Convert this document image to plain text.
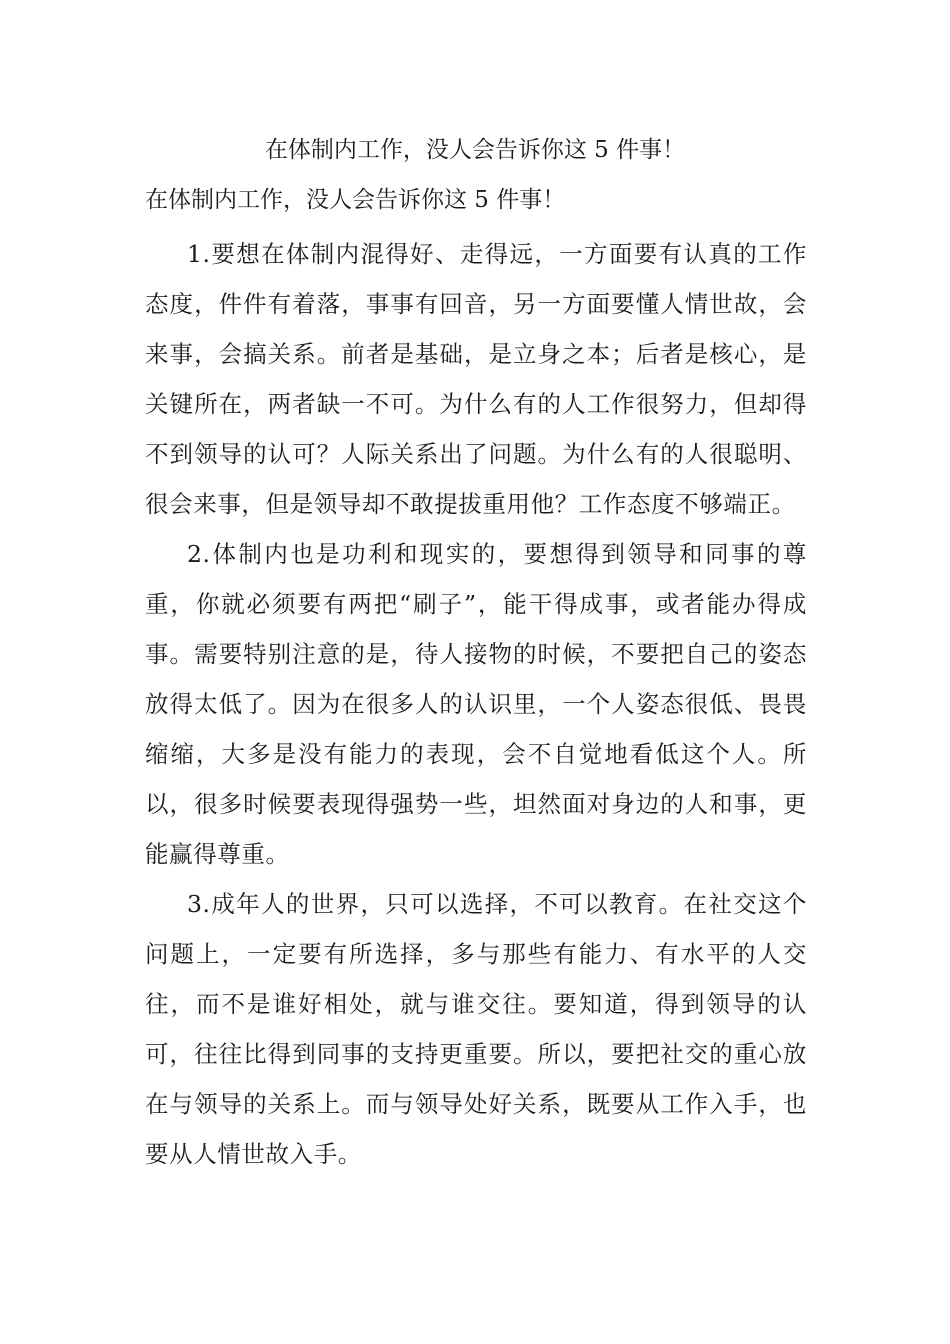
在体制内工作，没人会告诉你这 5 件事！
在体制内工作，没人会告诉你这 5 件事！

1.要想在体制内混得好、走得远，一方面要有认真的工作态度，件件有着落，事事有回音，另一方面要懂人情世故，会来事，会搞关系。前者是基础，是立身之本；后者是核心，是关键所在，两者缺一不可。为什么有的人工作很努力，但却得不到领导的认可？人际关系出了问题。为什么有的人很聪明、很会来事，但是领导却不敢提拔重用他？工作态度不够端正。

2.体制内也是功利和现实的，要想得到领导和同事的尊重，你就必须要有两把“刷子”，能干得成事，或者能办得成事。需要特别注意的是，待人接物的时候，不要把自己的姿态放得太低了。因为在很多人的认识里，一个人姿态很低、畏畏缩缩，大多是没有能力的表现，会不自觉地看低这个人。所以，很多时候要表现得强势一些，坦然面对身边的人和事，更能赢得尊重。

3.成年人的世界，只可以选择，不可以教育。在社交这个问题上，一定要有所选择，多与那些有能力、有水平的人交往，而不是谁好相处，就与谁交往。要知道，得到领导的认可，往往比得到同事的支持更重要。所以，要把社交的重心放在与领导的关系上。而与领导处好关系，既要从工作入手，也要从人情世故入手。
